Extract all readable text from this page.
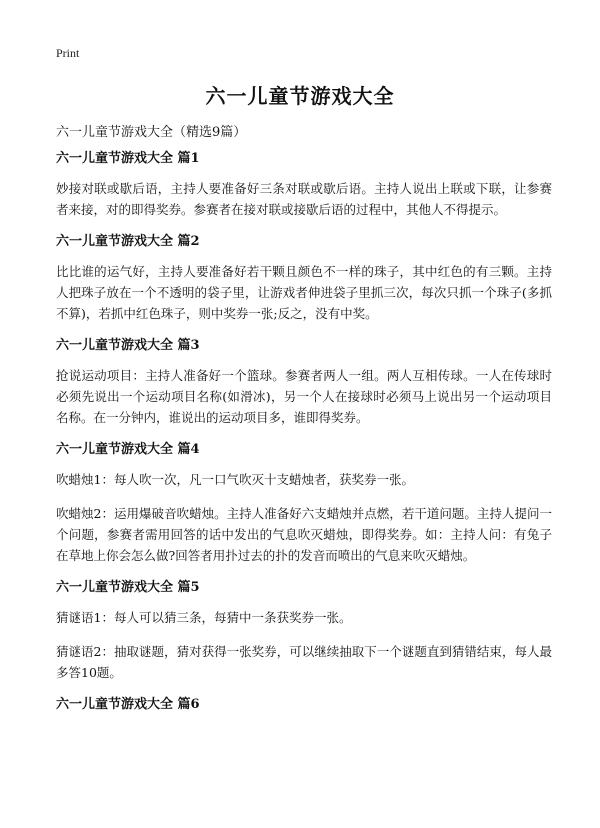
Print
六一儿童节游戏大全
六一儿童节游戏大全（精选9篇）
六一儿童节游戏大全 篇1

妙接对联或歇后语，主持人要准备好三条对联或歇后语。主持人说出上联或下联，让参赛者来接，对的即得奖券。参赛者在接对联或接歇后语的过程中，其他人不得提示。

六一儿童节游戏大全 篇2

比比谁的运气好，主持人要准备好若干颗且颜色不一样的珠子，其中红色的有三颗。主持人把珠子放在一个不透明的袋子里，让游戏者伸进袋子里抓三次，每次只抓一个珠子(多抓不算)，若抓中红色珠子，则中奖券一张;反之，没有中奖。

六一儿童节游戏大全 篇3

抢说运动项目：主持人准备好一个篮球。参赛者两人一组。两人互相传球。一人在传球时必须先说出一个运动项目名称(如滑冰)，另一个人在接球时必须马上说出另一个运动项目名称。在一分钟内，谁说出的运动项目多，谁即得奖券。

六一儿童节游戏大全 篇4

吹蜡烛1：每人吹一次，凡一口气吹灭十支蜡烛者，获奖券一张。

吹蜡烛2：运用爆破音吹蜡烛。主持人准备好六支蜡烛并点燃，若干道问题。主持人提问一个问题，参赛者需用回答的话中发出的气息吹灭蜡烛，即得奖券。如：主持人问：有兔子在草地上你会怎么做?回答者用扑过去的扑的发音而喷出的气息来吹灭蜡烛。

六一儿童节游戏大全 篇5

猜谜语1：每人可以猜三条，每猜中一条获奖券一张。

猜谜语2：抽取谜题，猜对获得一张奖券，可以继续抽取下一个谜题直到猜错结束，每人最多答10题。

六一儿童节游戏大全 篇6
